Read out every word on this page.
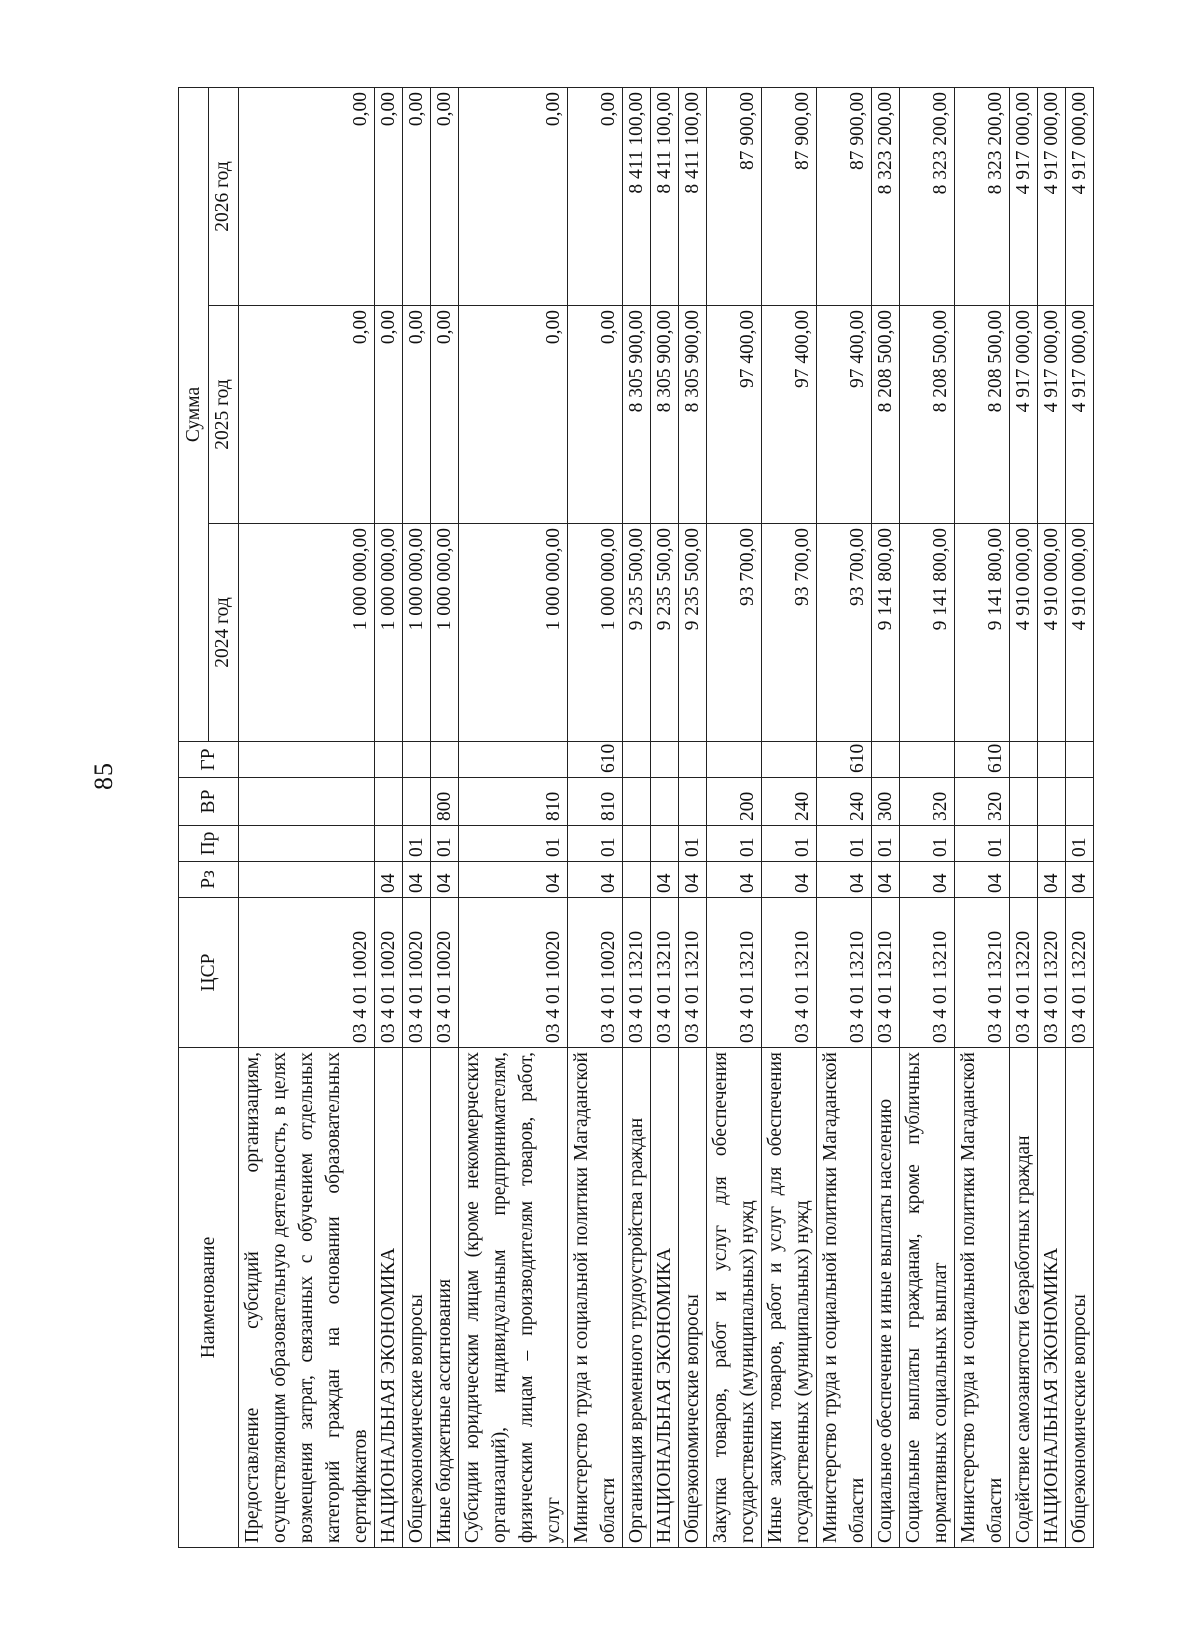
85
Наименование	ЦСР	Рз	Пр	ВР	ГР	Сумма		
						2024 год	2025 год	2026 год
Предоставление субсидий организациям, осуществляющим образовательную деятельность, в целях возмещения затрат, связанных с обучением отдельных категорий граждан на основании образовательных сертификатов	03 4 01 10020					1 000 000,00	0,00	0,00
НАЦИОНАЛЬНАЯ ЭКОНОМИКА	03 4 01 10020	04				1 000 000,00	0,00	0,00
Общеэкономические вопросы	03 4 01 10020	04	01			1 000 000,00	0,00	0,00
Иные бюджетные ассигнования	03 4 01 10020	04	01	800		1 000 000,00	0,00	0,00
Субсидии юридическим лицам (кроме некоммерческих организаций), индивидуальным предпринимателям, физическим лицам – производителям товаров, работ, услуг	03 4 01 10020	04	01	810		1 000 000,00	0,00	0,00
Министерство труда и социальной политики Магаданской области	03 4 01 10020	04	01	810	610	1 000 000,00	0,00	0,00
Организация временного трудоустройства граждан	03 4 01 13210					9 235 500,00	8 305 900,00	8 411 100,00
НАЦИОНАЛЬНАЯ ЭКОНОМИКА	03 4 01 13210	04				9 235 500,00	8 305 900,00	8 411 100,00
Общеэкономические вопросы	03 4 01 13210	04	01			9 235 500,00	8 305 900,00	8 411 100,00
Закупка товаров, работ и услуг для обеспечения государственных (муниципальных) нужд	03 4 01 13210	04	01	200		93 700,00	97 400,00	87 900,00
Иные закупки товаров, работ и услуг для обеспечения государственных (муниципальных) нужд	03 4 01 13210	04	01	240		93 700,00	97 400,00	87 900,00
Министерство труда и социальной политики Магаданской области	03 4 01 13210	04	01	240	610	93 700,00	97 400,00	87 900,00
Социальное обеспечение и иные выплаты населению	03 4 01 13210	04	01	300		9 141 800,00	8 208 500,00	8 323 200,00
Социальные выплаты гражданам, кроме публичных нормативных социальных выплат	03 4 01 13210	04	01	320		9 141 800,00	8 208 500,00	8 323 200,00
Министерство труда и социальной политики Магаданской области	03 4 01 13210	04	01	320	610	9 141 800,00	8 208 500,00	8 323 200,00
Содействие самозанятости безработных граждан	03 4 01 13220					4 910 000,00	4 917 000,00	4 917 000,00
НАЦИОНАЛЬНАЯ ЭКОНОМИКА	03 4 01 13220	04				4 910 000,00	4 917 000,00	4 917 000,00
Общеэкономические вопросы	03 4 01 13220	04	01			4 910 000,00	4 917 000,00	4 917 000,00
